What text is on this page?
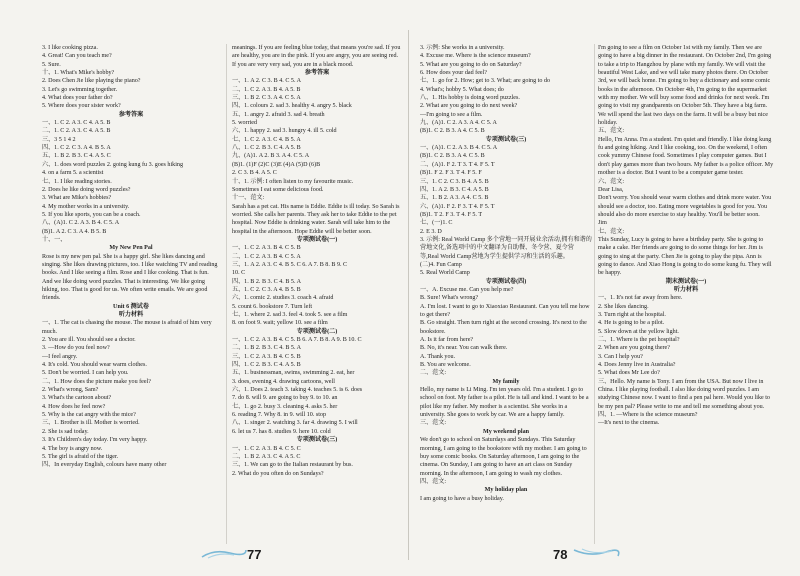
3. I like cooking pizza.
4. Great! Can you teach me?
5. Sure.
十、1. What's Mike's hobby?
2. Does Chen Jie like playing the piano?
3. Let's go swimming together.
4. What does your father do?
5. Where does your sister work?
参考答案
一、1. C 2. A 3. C 4. A 5. B
二、1. C 2. A 3. C 4. A 5. B
三、3 5 1 4 2
四、1. C 2. C 3. A 4. B 5. A
五、1. B 2. B 3. C 4. A 5. C
六、1. does word puzzles 2. going kung fu 3. goes hiking
4. on a farm 5. a scientist
七、1. I like reading stories.
2. Does he like doing word puzzles?
3. What are Mike's hobbies?
4. My mother works in a university.
5. If you like sports, you can be a coach.
八、(A)1. C 2. A 3. B 4. C 5. A
(B)1. A 2. C 3. A 4. B 5. B
十、一、
My New Pen Pal
Rose is my new pen pal. She is a happy girl. She likes dancing and singing. She likes drawing pictures, too. I like watching TV and reading books. And I like seeing a film. Rose and I like cooking. That is fun. And we like doing word puzzles. That is interesting. We like going hiking, too. That is good for us. We often write emails. We are good friends.
Unit 6 测试卷
听力材料
一、1. The cat is chasing the mouse. The mouse is afraid of him very much.
2. You are ill. You should see a doctor.
3. —How do you feel now?
—I feel angry.
4. It's cold. You should wear warm clothes.
5. Don't be worried. I can help you.
二、1. How does the picture make you feel?
2. What's wrong, Sam?
3. What's the cartoon about?
4. How does he feel now?
5. Why is the cat angry with the mice?
三、1. Brother is ill. Mother is worried.
2. She is sad today.
3. It's Children's day today. I'm very happy.
4. The boy is angry now.
5. The girl is afraid of the tiger.
四、In everyday English, colours have many other
meanings. If you are feeling blue today, that means you're sad. If you are healthy, you are in the pink. If you are angry, you are seeing red. If you are very very sad, you are in a black mood.
参考答案
一、1. A 2. C 3. B 4. C 5. A
二、1. C 2. A 3. B 4. A 5. B
三、1. B 2. C 3. A 4. C 5. A
四、1. colours 2. sad 3. healthy 4. angry 5. black
五、1. angry 2. afraid 3. sad 4. breath
5. worried
六、1. happy 2. sad 3. hungry 4. ill 5. cold
七、1. C 2. A 3. C 4. B 5. A
八、1. C 2. B 3. C 4. A 5. B
九、(A)1. A 2. B 3. A 4. C 5. A
(B)1. (1)F (2)C (3)E (4)A (5)D (6)B
2. C 3. B 4. A 5. C
十、1. 示例: I often listen to my favourite music.
Sometimes I eat some delicious food.
十一、范文:
Sarah has a pet cat. His name is Eddie. Eddie is ill today. So Sarah is worried. She calls her parents. They ask her to take Eddie to the pet hospital. Now Eddie is drinking water. Sarah will take him to the hospital in the afternoon. Hope Eddie will be better soon.
专项测试卷(一)
一、1. C 2. A 3. B 4. C 5. B
二、1. C 2. A 3. B 4. C 5. A
三、1. A 2. A 3. C 4. B 5. C 6. A 7. B 8. B 9. C
10. C
四、1. B 2. B 3. C 4. B 5. A
五、1. C 2. C 3. A 4. B 5. B
六、1. comic 2. studies 3. coach 4. afraid
5. count 6. bookstore 7. Turn left
七、1. where 2. sad 3. feel 4. took 5. see a film
8. on foot 9. wait; yellow 10. see a film
专项测试卷(二)
一、1. C 2. A 3. B 4. C 5. B 6. A 7. B 8. A 9. B 10. C
二、1. B 2. B 3. C 4. B 5. A
三、1. C 2. A 3. B 4. C 5. B
四、1. C 2. B 3. C 4. A 5. B
五、1. businessman, swims, swimming 2. eat, her
3. does, evening 4. drawing cartoons, well
六、1. Does 2. teach 3. taking 4. teaches 5. is 6. does
7. do 8. will 9. are going to buy 9. to 10. an
七、1. go 2. busy 3. cleaning 4. asks 5. her
6. reading 7. Why 8. in 9. will 10. stop
八、1. singer 2. watching 3. far 4. drawing 5. I will
6. let us 7. has 8. studies 9. here 10. cold
专项测试卷(三)
一、1. C 2. A 3. B 4. C 5. C
二、1. B 2. A 3. C 4. A 5. C
三、1. We can go to the Italian restaurant by bus.
2. What do you often do on Sundays?
3. 示例: She works in a university.
4. Excuse me. Where is the science museum?
5. What are you going to do on Saturday?
6. How does your dad feel?
七、1. go for 2. How; get to 3. What; are going to do
4. What's; hobby 5. What does; do
八、1. His hobby is doing word puzzles.
2. What are you going to do next week?
—I'm going to see a film.
九、(A)1. C 2. A 3. A 4. C 5. A
(B)1. C 2. B 3. A 4. C 5. B
专项测试卷(三)
一、(A)1. C 2. A 3. B 4. C 5. A
(B)1. C 2. B 3. A 4. C 5. B
二、(A)1. F 2. T 3. T 4. F 5. T
(B)1. F 2. F 3. T 4. F 5. F
三、1. C 2. C 3. B 4. A 5. B
四、1. A 2. B 3. C 4. A 5. B
五、1. B 2. A 3. A 4. C 5. B
六、(A)1. F 2. F 3. T 4. F 5. T
(B)1. T 2. F 3. T 4. F 5. T
七、(一)1. C
2. E 3. D
3. 示例: Real World Camp 多个营地一同开展业余活动,拥有和谐的营地文化,备选项中的中文翻译为自助餐、冬令营、夏令营等,Real World Camp营地为学生提供学习和生活的乐趣。
(二)4. Fun Camp
5. Real World Camp
专项测试卷(四)
一、A. Excuse me. Can you help me?
B. Sure! What's wrong?
A. I'm lost. I want to go to Xiaoxiao Restaurant. Can you tell me how to get there?
B. Go straight. Then turn right at the second crossing. It's next to the bookstore.
A. Is it far from here?
B. No, it's near. You can walk there.
A. Thank you.
B. You are welcome.
二、范文:
My family
Hello, my name is Li Ming. I'm ten years old. I'm a student. I go to school on foot. My father is a pilot. He is tall and kind. I want to be a pilot like my father. My mother is a scientist. She works in a university. She goes to work by car. We are a happy family.
三、范文:
My weekend plan
We don't go to school on Saturdays and Sundays. This Saturday morning, I am going to the bookstore with my mother. I am going to buy some comic books. On Saturday afternoon, I am going to the cinema. On Sunday, I am going to have an art class on Sunday morning. In the afternoon, I am going to wash my clothes.
四、范文:
My holiday plan
I am going to have a busy holiday.
I'm going to see a film on October 1st with my family. Then we are going to have a big dinner in the restaurant. On October 2nd, I'm going to take a trip to Hangzhou by plane with my family. We will visit the beautiful West Lake, and we will take many photos there. On October 3rd, we will back home. I'm going to buy a dictionary and some comic books in the afternoon. On October 4th, I'm going to the supermarket with my mother. We will buy some food and drinks for next week. I'm going to visit my grandparents on October 5th. They have a big farm. We will spend the last two days on the farm. It will be a busy but nice holiday.
五、范文:
Hello, I'm Anna. I'm a student. I'm quiet and friendly. I like doing kung fu and going hiking. And I like cooking, too. On the weekend, I often cook yummy Chinese food. Sometimes I play computer games. But I don't play games more than two hours. My father is a police officer. My mother is a doctor. But I want to be a computer game tester.
六、范文:
Dear Lisa,
Don't worry. You should wear warm clothes and drink more water. You should see a doctor, too. Eating more vegetables is good for you. You should also do more exercise to stay healthy. You'll be better soon.
Jim
七、范文:
This Sunday, Lucy is going to have a birthday party. She is going to make a cake. Her friends are going to do some things for her. Jim is going to sing at the party. Chen Jie is going to play the pipa. Ann is going to dance. And Xiao Hong is going to do some kung fu. They will be happy.
期末测试卷(一)
听力材料
一、1. It's not far away from here.
2. She likes dancing.
3. Turn right at the hospital.
4. He is going to be a pilot.
5. Slow down at the yellow light.
二、1. Where is the pet hospital?
2. When are you going there?
3. Can I help you?
4. Does Jenny live in Australia?
5. What does Mr Lee do?
三、Hello. My name is Tony. I am from the USA. But now I live in China. I like playing football. I also like doing word puzzles. I am studying Chinese now. I want to find a pen pal here. Would you like to be my pen pal? Please write to me and tell me something about you.
四、1. —Where is the science museum?
—It's next to the cinema.
77	78
